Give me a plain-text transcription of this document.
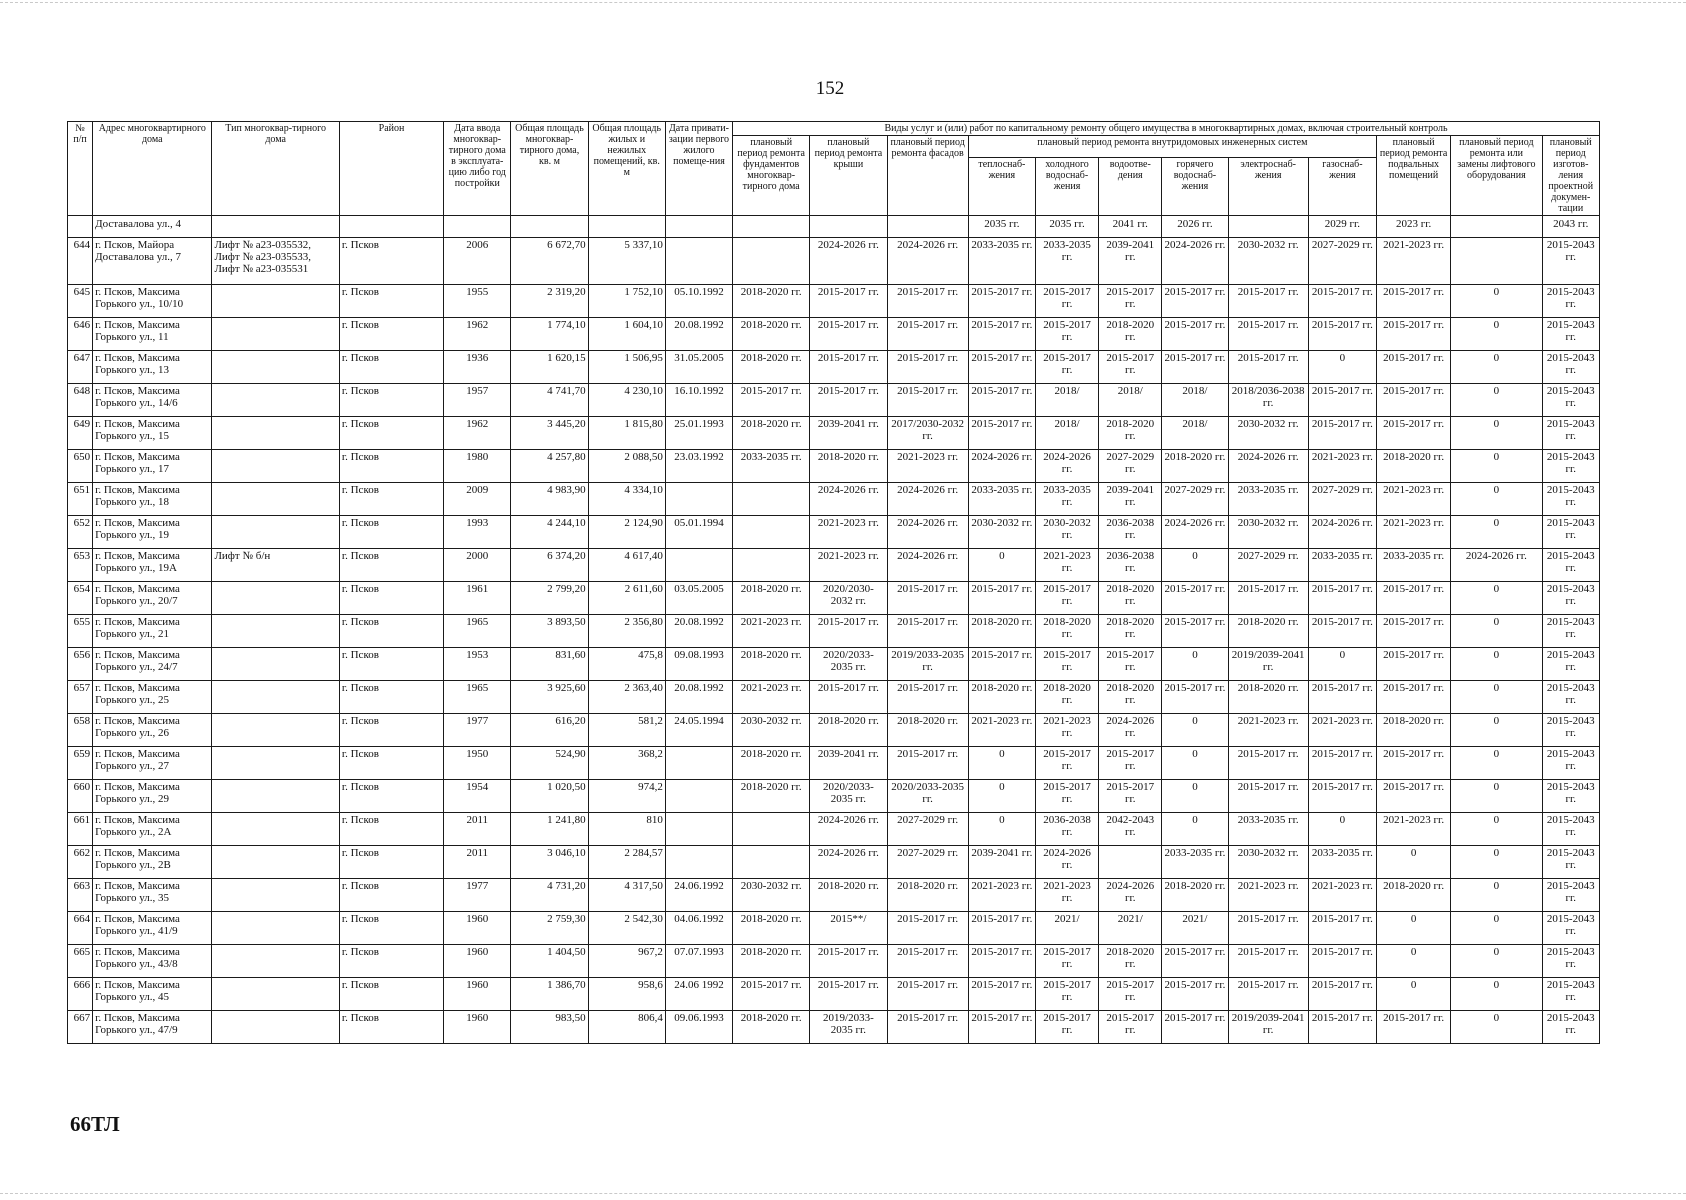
152
№ п/п	Адрес многоквартирного дома	Тип многоквар-тирного дома	Район	Дата ввода многоквар-тирного дома в эксплуата-цию либо год постройки	Общая площадь многоквар-тирного дома, кв. м	Общая площадь жилых и нежилых помещений, кв. м	Дата привати-зации первого жилого помеще-ния	Виды услуг и (или) работ по капитальному ремонту общего имущества в многоквартирных домах, включая строительный контроль											
								плановый период ремонта фундаментов многоквар-тирного дома	плановый период ремонта крыши	плановый период ремонта фасадов	плановый период ремонта внутридомовых инженерных систем						плановый период ремонта подвальных помещений	плановый период ремонта или замены лифтового оборудования	плановый период изготов-ления проектной докумен-тации
											теплоснаб-жения	холодного водоснаб-жения	водоотве-дения	горячего водоснаб-жения	электроснаб-жения	газоснаб-жения			
	Доставалова ул., 4										2035 гг.	2035 гг.	2041 гг.	2026 гг.		2029 гг.	2023 гг.		2043 гг.
644	г. Псков, Майора Доставалова ул., 7	Лифт № а23-035532, Лифт № а23-035533, Лифт № а23-035531	г. Псков	2006	6 672,70	5 337,10			2024-2026 гг.	2024-2026 гг.	2033-2035 гг.	2033-2035 гг.	2039-2041 гг.	2024-2026 гг.	2030-2032 гг.	2027-2029 гг.	2021-2023 гг.		2015-2043 гг.
645	г. Псков, Максима Горького ул., 10/10		г. Псков	1955	2 319,20	1 752,10	05.10.1992	2018-2020 гг.	2015-2017 гг.	2015-2017 гг.	2015-2017 гг.	2015-2017 гг.	2015-2017 гг.	2015-2017 гг.	2015-2017 гг.	2015-2017 гг.	2015-2017 гг.	0	2015-2043 гг.
646	г. Псков, Максима Горького ул., 11		г. Псков	1962	1 774,10	1 604,10	20.08.1992	2018-2020 гг.	2015-2017 гг.	2015-2017 гг.	2015-2017 гг.	2015-2017 гг.	2018-2020 гг.	2015-2017 гг.	2015-2017 гг.	2015-2017 гг.	2015-2017 гг.	0	2015-2043 гг.
647	г. Псков, Максима Горького ул., 13		г. Псков	1936	1 620,15	1 506,95	31.05.2005	2018-2020 гг.	2015-2017 гг.	2015-2017 гг.	2015-2017 гг.	2015-2017 гг.	2015-2017 гг.	2015-2017 гг.	2015-2017 гг.	0	2015-2017 гг.	0	2015-2043 гг.
648	г. Псков, Максима Горького ул., 14/6		г. Псков	1957	4 741,70	4 230,10	16.10.1992	2015-2017 гг.	2015-2017 гг.	2015-2017 гг.	2015-2017 гг.	2018/	2018/	2018/	2018/2036-2038 гг.	2015-2017 гг.	2015-2017 гг.	0	2015-2043 гг.
649	г. Псков, Максима Горького ул., 15		г. Псков	1962	3 445,20	1 815,80	25.01.1993	2018-2020 гг.	2039-2041 гг.	2017/2030-2032 гг.	2015-2017 гг.	2018/	2018-2020 гг.	2018/	2030-2032 гг.	2015-2017 гг.	2015-2017 гг.	0	2015-2043 гг.
650	г. Псков, Максима Горького ул., 17		г. Псков	1980	4 257,80	2 088,50	23.03.1992	2033-2035 гг.	2018-2020 гг.	2021-2023 гг.	2024-2026 гг.	2024-2026 гг.	2027-2029 гг.	2018-2020 гг.	2024-2026 гг.	2021-2023 гг.	2018-2020 гг.	0	2015-2043 гг.
651	г. Псков, Максима Горького ул., 18		г. Псков	2009	4 983,90	4 334,10			2024-2026 гг.	2024-2026 гг.	2033-2035 гг.	2033-2035 гг.	2039-2041 гг.	2027-2029 гг.	2033-2035 гг.	2027-2029 гг.	2021-2023 гг.	0	2015-2043 гг.
652	г. Псков, Максима Горького ул., 19		г. Псков	1993	4 244,10	2 124,90	05.01.1994		2021-2023 гг.	2024-2026 гг.	2030-2032 гг.	2030-2032 гг.	2036-2038 гг.	2024-2026 гг.	2030-2032 гг.	2024-2026 гг.	2021-2023 гг.	0	2015-2043 гг.
653	г. Псков, Максима Горького ул., 19А	Лифт № б/н	г. Псков	2000	6 374,20	4 617,40			2021-2023 гг.	2024-2026 гг.	0	2021-2023 гг.	2036-2038 гг.	0	2027-2029 гг.	2033-2035 гг.	2033-2035 гг.	2024-2026 гг.	2015-2043 гг.
654	г. Псков, Максима Горького ул., 20/7		г. Псков	1961	2 799,20	2 611,60	03.05.2005	2018-2020 гг.	2020/2030-2032 гг.	2015-2017 гг.	2015-2017 гг.	2015-2017 гг.	2018-2020 гг.	2015-2017 гг.	2015-2017 гг.	2015-2017 гг.	2015-2017 гг.	0	2015-2043 гг.
655	г. Псков, Максима Горького ул., 21		г. Псков	1965	3 893,50	2 356,80	20.08.1992	2021-2023 гг.	2015-2017 гг.	2015-2017 гг.	2018-2020 гг.	2018-2020 гг.	2018-2020 гг.	2015-2017 гг.	2018-2020 гг.	2015-2017 гг.	2015-2017 гг.	0	2015-2043 гг.
656	г. Псков, Максима Горького ул., 24/7		г. Псков	1953	831,60	475,8	09.08.1993	2018-2020 гг.	2020/2033-2035 гг.	2019/2033-2035 гг.	2015-2017 гг.	2015-2017 гг.	2015-2017 гг.	0	2019/2039-2041 гг.	0	2015-2017 гг.	0	2015-2043 гг.
657	г. Псков, Максима Горького ул., 25		г. Псков	1965	3 925,60	2 363,40	20.08.1992	2021-2023 гг.	2015-2017 гг.	2015-2017 гг.	2018-2020 гг.	2018-2020 гг.	2018-2020 гг.	2015-2017 гг.	2018-2020 гг.	2015-2017 гг.	2015-2017 гг.	0	2015-2043 гг.
658	г. Псков, Максима Горького ул., 26		г. Псков	1977	616,20	581,2	24.05.1994	2030-2032 гг.	2018-2020 гг.	2018-2020 гг.	2021-2023 гг.	2021-2023 гг.	2024-2026 гг.	0	2021-2023 гг.	2021-2023 гг.	2018-2020 гг.	0	2015-2043 гг.
659	г. Псков, Максима Горького ул., 27		г. Псков	1950	524,90	368,2		2018-2020 гг.	2039-2041 гг.	2015-2017 гг.	0	2015-2017 гг.	2015-2017 гг.	0	2015-2017 гг.	2015-2017 гг.	2015-2017 гг.	0	2015-2043 гг.
660	г. Псков, Максима Горького ул., 29		г. Псков	1954	1 020,50	974,2		2018-2020 гг.	2020/2033-2035 гг.	2020/2033-2035 гг.	0	2015-2017 гг.	2015-2017 гг.	0	2015-2017 гг.	2015-2017 гг.	2015-2017 гг.	0	2015-2043 гг.
661	г. Псков, Максима Горького ул., 2А		г. Псков	2011	1 241,80	810			2024-2026 гг.	2027-2029 гг.	0	2036-2038 гг.	2042-2043 гг.	0	2033-2035 гг.	0	2021-2023 гг.	0	2015-2043 гг.
662	г. Псков, Максима Горького ул., 2В		г. Псков	2011	3 046,10	2 284,57			2024-2026 гг.	2027-2029 гг.	2039-2041 гг.	2024-2026 гг.		2033-2035 гг.	2030-2032 гг.	2033-2035 гг.	0	0	2015-2043 гг.
663	г. Псков, Максима Горького ул., 35		г. Псков	1977	4 731,20	4 317,50	24.06.1992	2030-2032 гг.	2018-2020 гг.	2018-2020 гг.	2021-2023 гг.	2021-2023 гг.	2024-2026 гг.	2018-2020 гг.	2021-2023 гг.	2021-2023 гг.	2018-2020 гг.	0	2015-2043 гг.
664	г. Псков, Максима Горького ул., 41/9		г. Псков	1960	2 759,30	2 542,30	04.06.1992	2018-2020 гг.	2015**/	2015-2017 гг.	2015-2017 гг.	2021/	2021/	2021/	2015-2017 гг.	2015-2017 гг.	0	0	2015-2043 гг.
665	г. Псков, Максима Горького ул., 43/8		г. Псков	1960	1 404,50	967,2	07.07.1993	2018-2020 гг.	2015-2017 гг.	2015-2017 гг.	2015-2017 гг.	2015-2017 гг.	2018-2020 гг.	2015-2017 гг.	2015-2017 гг.	2015-2017 гг.	0	0	2015-2043 гг.
666	г. Псков, Максима Горького ул., 45		г. Псков	1960	1 386,70	958,6	24.06 1992	2015-2017 гг.	2015-2017 гг.	2015-2017 гг.	2015-2017 гг.	2015-2017 гг.	2015-2017 гг.	2015-2017 гг.	2015-2017 гг.	2015-2017 гг.	0	0	2015-2043 гг.
667	г. Псков, Максима Горького ул., 47/9		г. Псков	1960	983,50	806,4	09.06.1993	2018-2020 гг.	2019/2033-2035 гг.	2015-2017 гг.	2015-2017 гг.	2015-2017 гг.	2015-2017 гг.	2015-2017 гг.	2019/2039-2041 гг.	2015-2017 гг.	2015-2017 гг.	0	2015-2043 гг.
66ТЛ
